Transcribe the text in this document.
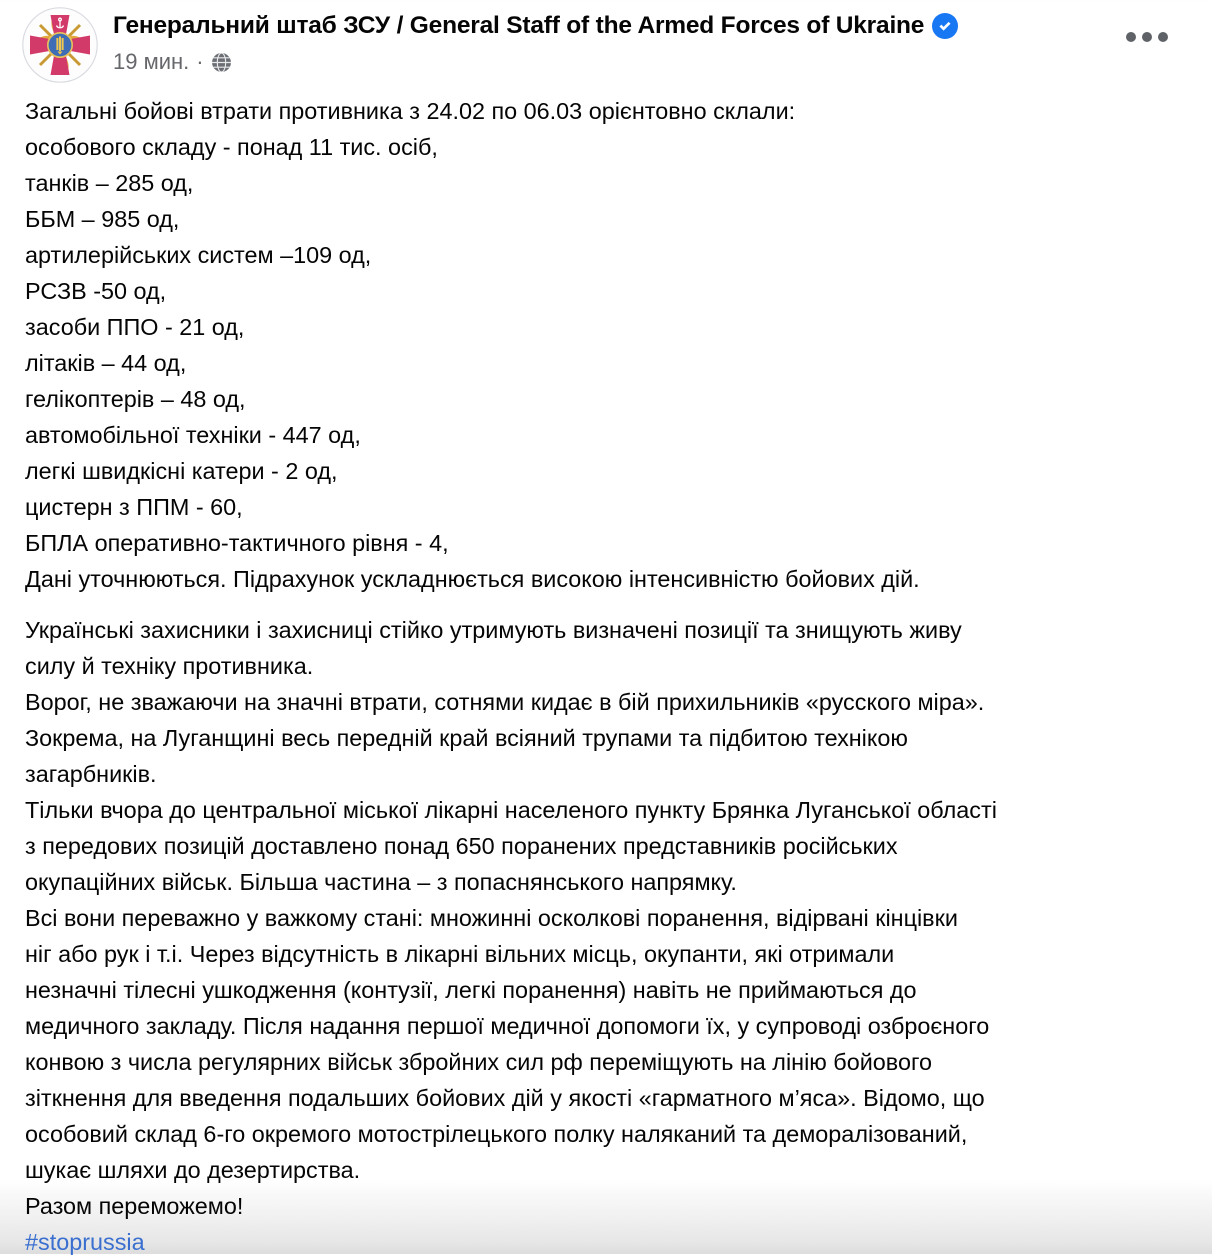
Генеральний штаб ЗСУ / General Staff of the Armed Forces of Ukraine
19 мин. ·
Загальні бойові втрати противника з 24.02 по 06.03 орієнтовно склали:
особового складу - понад 11 тис. осіб,
танків – 285 од,
ББМ – 985 од,
артилерійських систем –109 од,
РСЗВ -50 од,
засоби ППО - 21 од,
літаків – 44 од,
гелікоптерів – 48 од,
автомобільної техніки - 447 од,
легкі швидкісні катери - 2 од,
цистерн з ППМ - 60,
БПЛА оперативно-тактичного рівня - 4,
Дані уточнюються. Підрахунок ускладнюється високою інтенсивністю бойових дій.
Українські захисники і захисниці стійко утримують визначені позиції та знищують живу
силу й техніку противника.
Ворог, не зважаючи на значні втрати, сотнями кидає в бій прихильників «русского міра».
Зокрема, на Луганщині весь передній край всіяний трупами та підбитою технікою
загарбників.
Тільки вчора до центральної міської лікарні населеного пункту Брянка Луганської області
з передових позицій доставлено понад 650 поранених представників російських
окупаційних військ. Більша частина – з попаснянського напрямку.
Всі вони переважно у важкому стані: множинні осколкові поранення, відірвані кінцівки
ніг або рук і т.і. Через відсутність в лікарні вільних місць, окупанти, які отримали
незначні тілесні ушкодження (контузії, легкі поранення) навіть не приймаються до
медичного закладу. Після надання першої медичної допомоги їх, у супроводі озброєного
конвою з числа регулярних військ збройних сил рф переміщують на лінію бойового
зіткнення для введення подальших бойових дій у якості «гарматного м’яса». Відомо, що
особовий склад 6-го окремого мотострілецького полку наляканий та деморалізований,
шукає шляхи до дезертирства.
Разом переможемо!
#stoprussia
